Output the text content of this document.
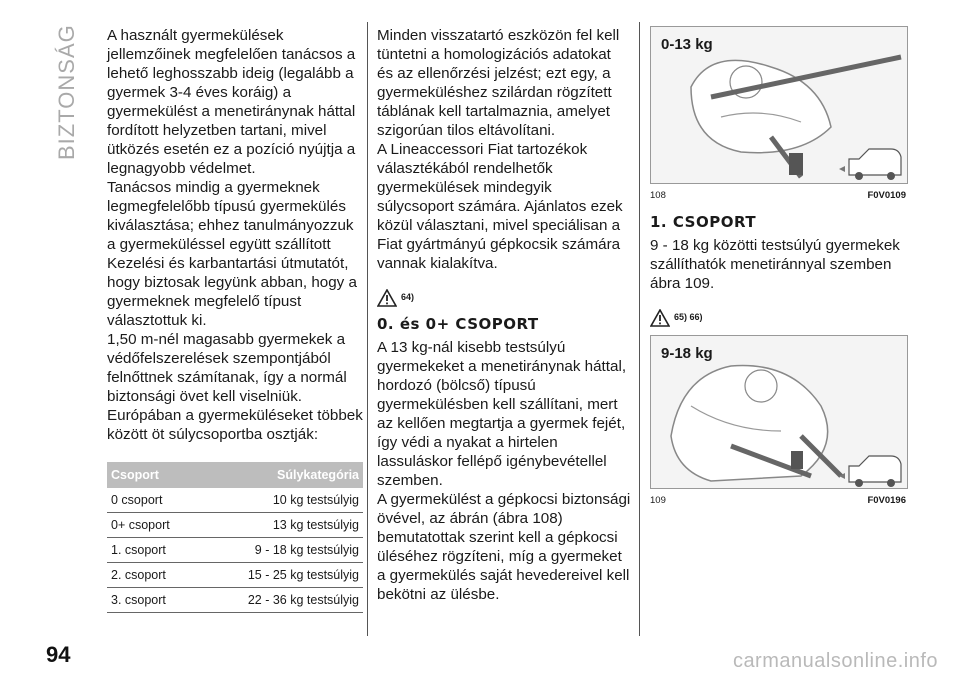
BIZTONSÁG
94

A használt gyermekülések jellemzőinek megfelelően tanácsos a lehető leghosszabb ideig (legalább a gyermek 3-4 éves koráig) a gyermekülést a menetiránynak háttal fordított helyzetben tartani, mivel ütközés esetén ez a pozíció nyújtja a legnagyobb védelmet.

Tanácsos mindig a gyermeknek legmegfelelőbb típusú gyermekülés kiválasztása; ehhez tanulmányozzuk a gyermeküléssel együtt szállított Kezelési és karbantartási útmutatót, hogy biztosak legyünk abban, hogy a gyermeknek megfelelő típust választottuk ki.

1,50 m-nél magasabb gyermekek a védőfelszerelések szempontjából felnőttnek számítanak, így a normál biztonsági övet kell viselniük.

Európában a gyermeküléseket többek között öt súlycsoportba osztják:

Csoport	Súlykategória
0 csoport	10 kg testsúlyig
0+ csoport	13 kg testsúlyig
1. csoport	9 - 18 kg testsúlyig
2. csoport	15 - 25 kg testsúlyig
3. csoport	22 - 36 kg testsúlyig

Minden visszatartó eszközön fel kell tüntetni a homologizációs adatokat és az ellenőrzési jelzést; ezt egy, a gyermeküléshez szilárdan rögzített táblának kell tartalmaznia, amelyet szigorúan tilos eltávolítani.

A Lineaccessori Fiat tartozékok választékából rendelhetők gyermekülések mindegyik súlycsoport számára. Ajánlatos ezek közül választani, mivel speciálisan a Fiat gyártmányú gépkocsik számára vannak kialakítva.

64)

0. és 0+ CSOPORT

A 13 kg-nál kisebb testsúlyú gyermekeket a menetiránynak háttal, hordozó (bölcső) típusú gyermekülésben kell szállítani, mert az kellően megtartja a gyermek fejét, így védi a nyakat a hirtelen lassuláskor fellépő igénybevétellel szemben.

A gyermekülést a gépkocsi biztonsági övével, az ábrán (ábra 108) bemutatottak szerint kell a gépkocsi üléséhez rögzíteni, míg a gyermeket a gyermekülés saját hevedereivel kell bekötni az ülésbe.

0-13 kg
108	F0V0109

1. CSOPORT

9 - 18 kg közötti testsúlyú gyermekek szállíthatók menetiránnyal szemben ábra 109.

65) 66)

9-18 kg
109	F0V0196
carmanualsonline.info
